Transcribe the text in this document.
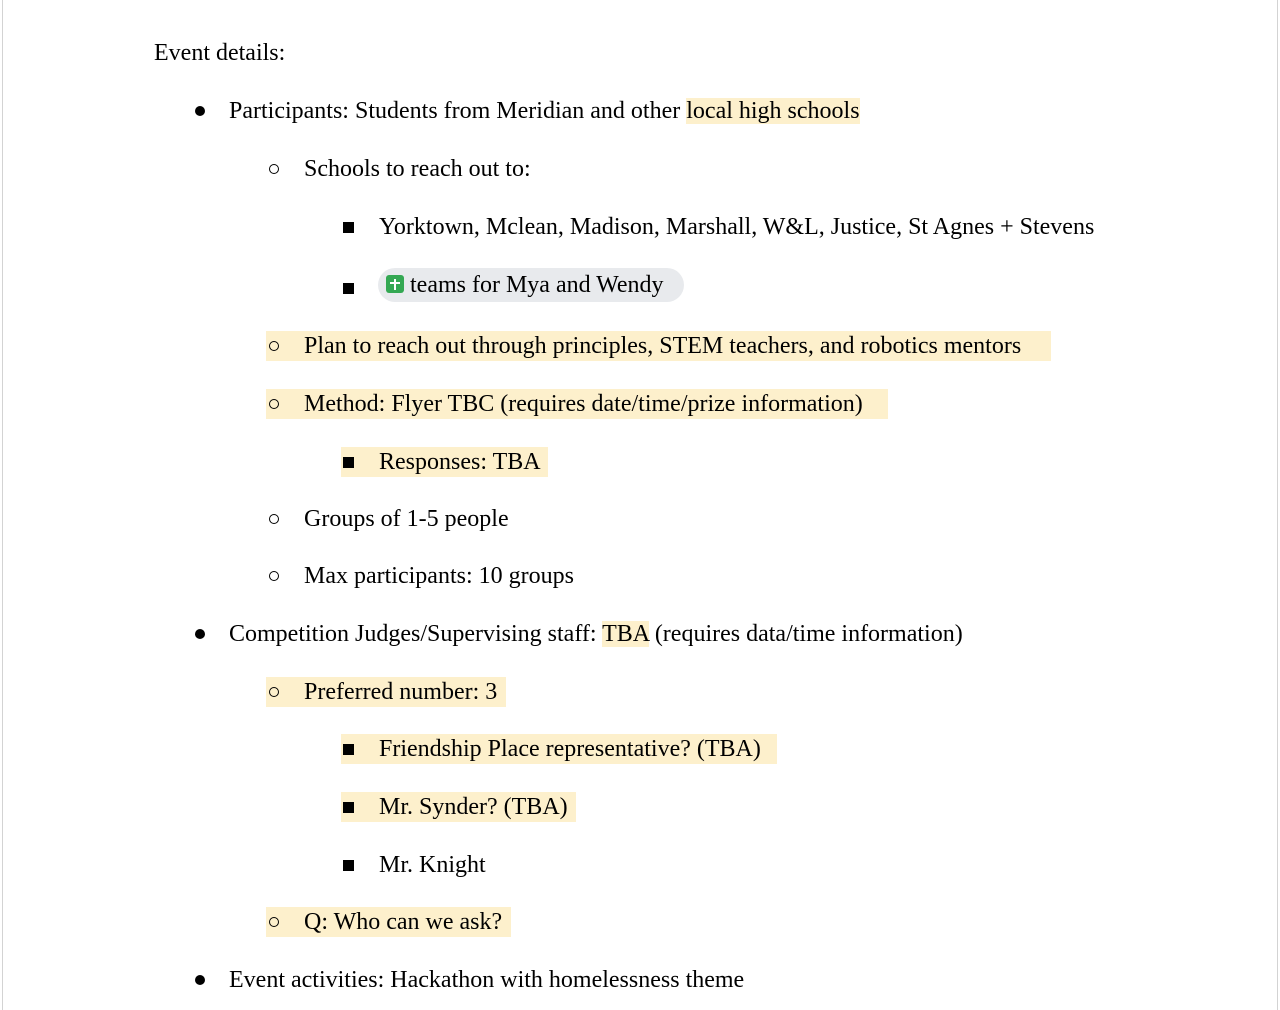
Event details:
Participants: Students from Meridian and other local high schools
Schools to reach out to:
Yorktown, Mclean, Madison, Marshall, W&L, Justice, St Agnes + Stevens
teams for Mya and Wendy
Plan to reach out through principles, STEM teachers, and robotics mentors
Method: Flyer TBC (requires date/time/prize information)
Responses: TBA
Groups of 1-5 people
Max participants: 10 groups
Competition Judges/Supervising staff: TBA (requires data/time information)
Preferred number: 3
Friendship Place representative? (TBA)
Mr. Synder? (TBA)
Mr. Knight
Q: Who can we ask?
Event activities: Hackathon with homelessness theme
